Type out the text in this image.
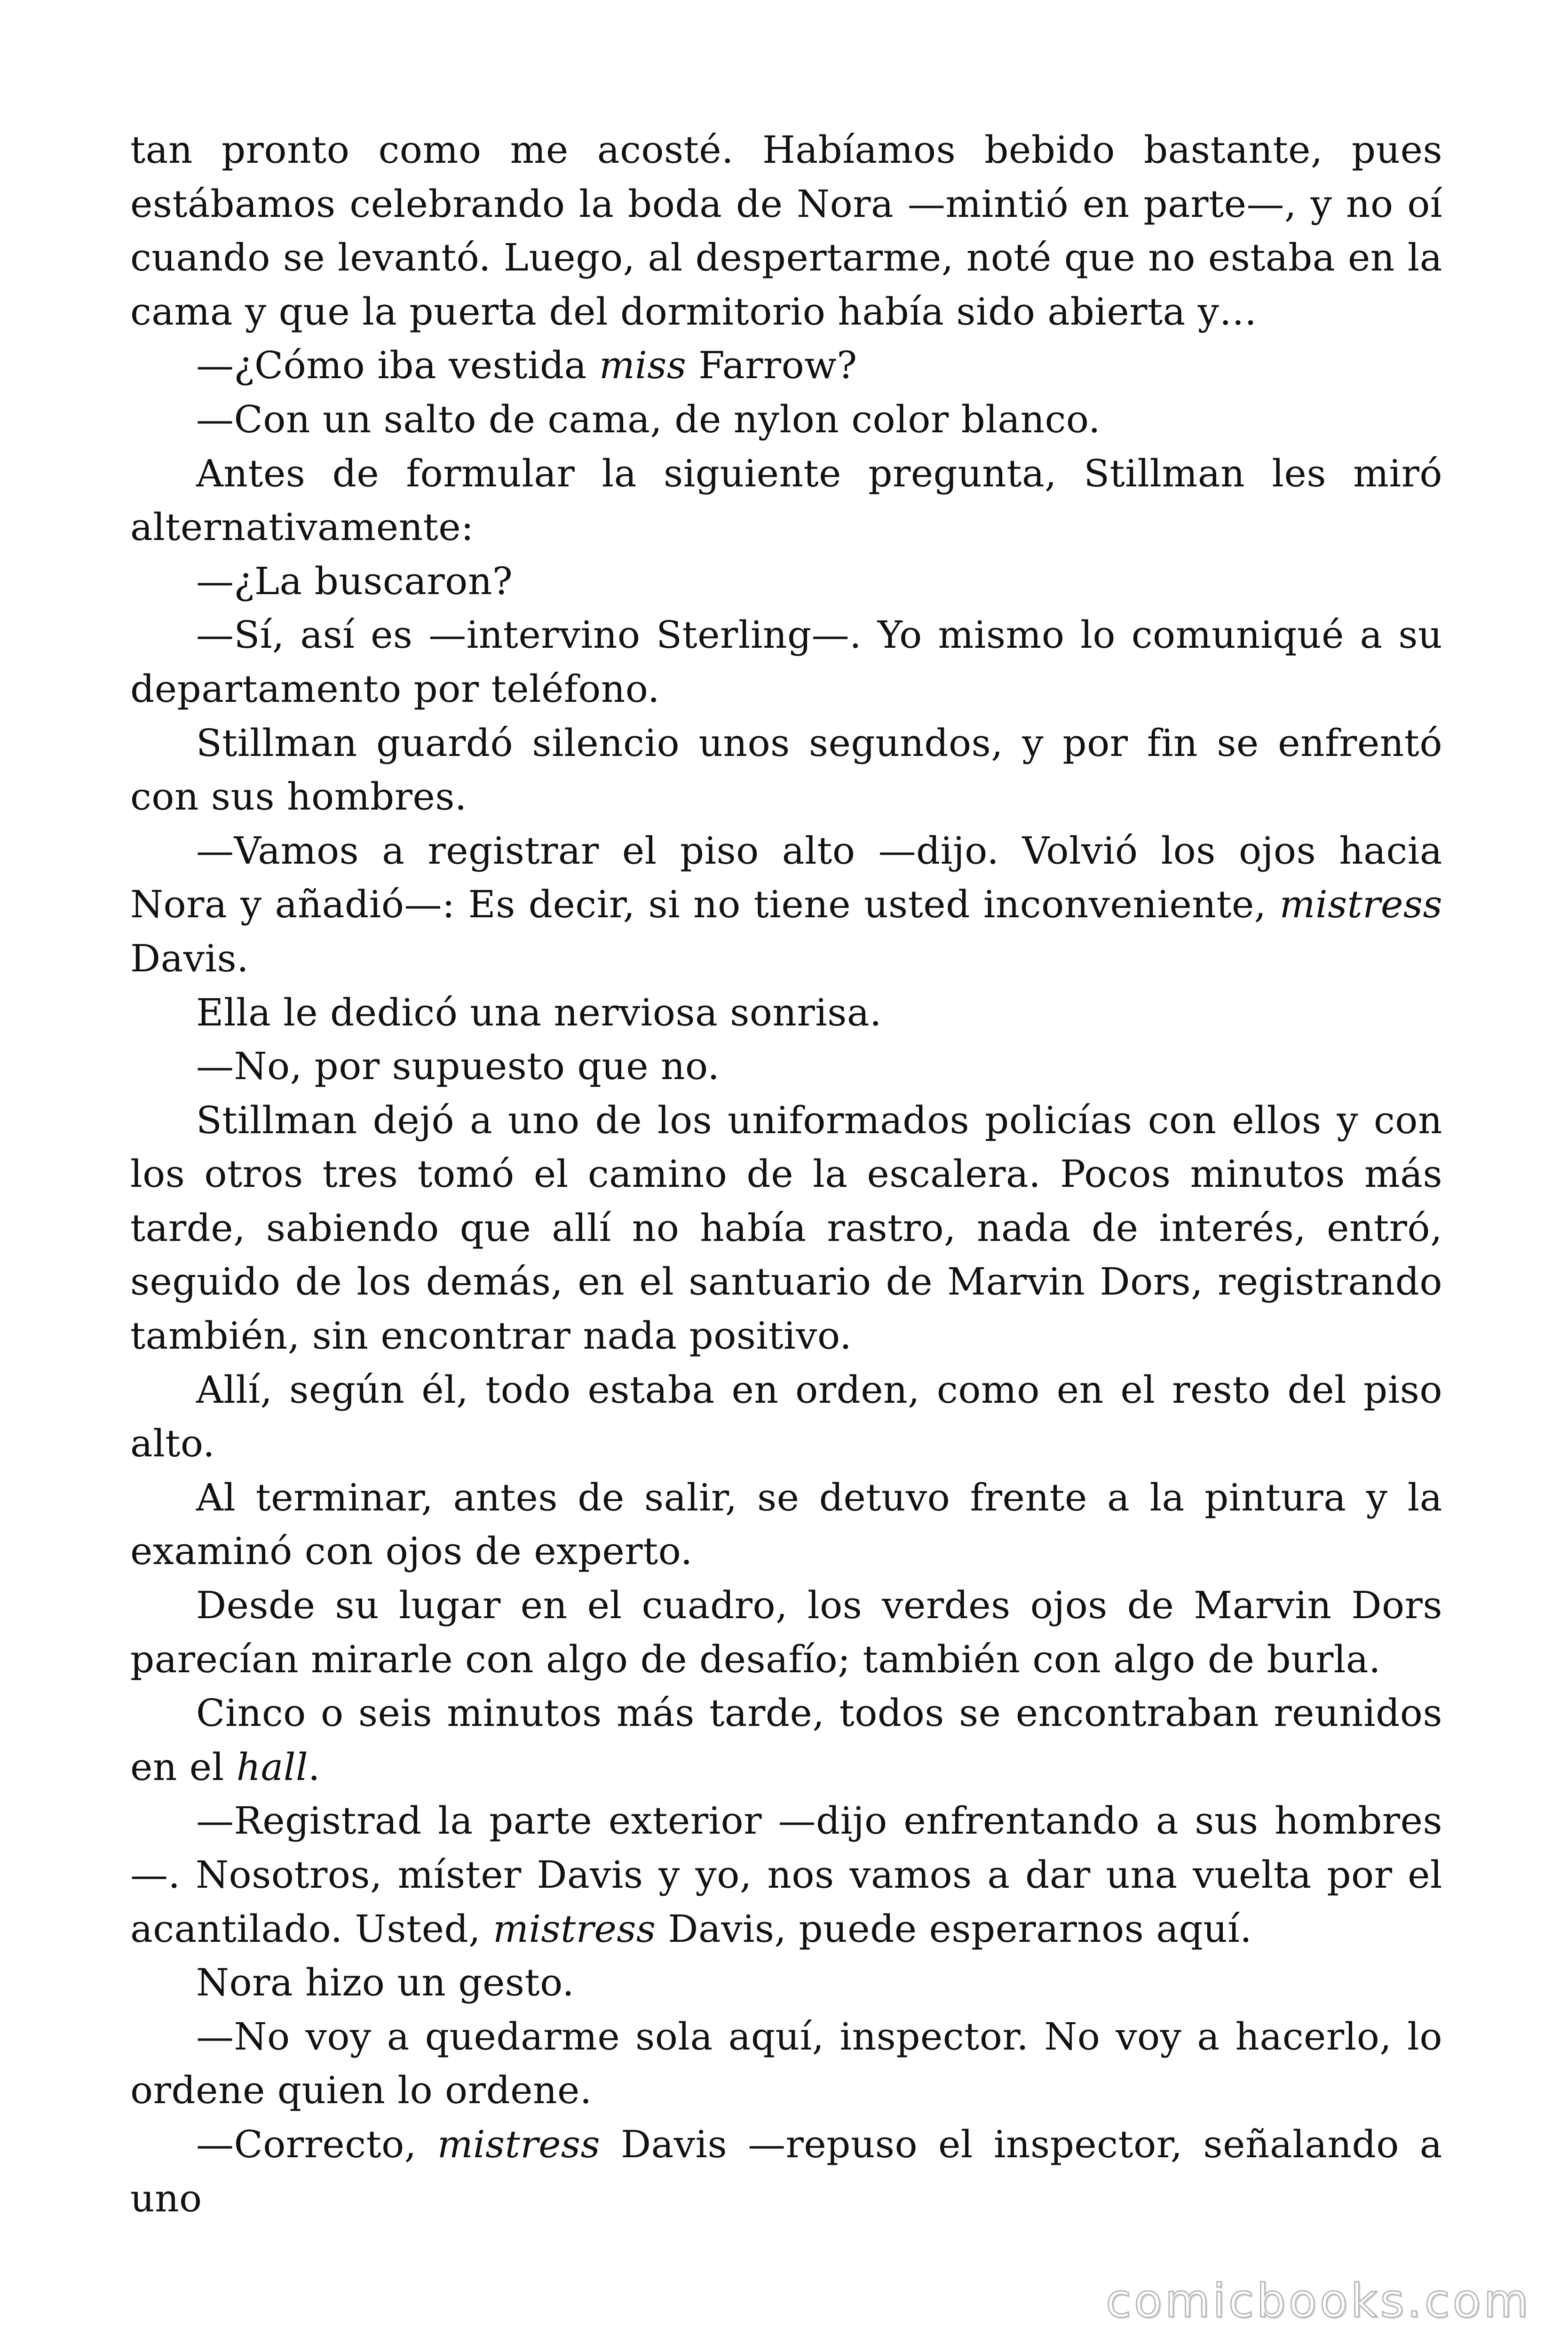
tan pronto como me acosté. Habíamos bebido bastante, pues estábamos celebrando la boda de Nora —mintió en parte—, y no oí cuando se levantó. Luego, al despertarme, noté que no estaba en la cama y que la puerta del dormitorio había sido abierta y…

—¿Cómo iba vestida miss Farrow?

—Con un salto de cama, de nylon color blanco.

Antes de formular la siguiente pregunta, Stillman les miró alternativamente:

—¿La buscaron?

—Sí, así es —intervino Sterling—. Yo mismo lo comuniqué a su departamento por teléfono.

Stillman guardó silencio unos segundos, y por fin se enfrentó con sus hombres.

—Vamos a registrar el piso alto —dijo. Volvió los ojos hacia Nora y añadió—: Es decir, si no tiene usted inconveniente, mistress Davis.

Ella le dedicó una nerviosa sonrisa.

—No, por supuesto que no.

Stillman dejó a uno de los uniformados policías con ellos y con los otros tres tomó el camino de la escalera. Pocos minutos más tarde, sabiendo que allí no había rastro, nada de interés, entró, seguido de los demás, en el santuario de Marvin Dors, registrando también, sin encontrar nada positivo.

Allí, según él, todo estaba en orden, como en el resto del piso alto.

Al terminar, antes de salir, se detuvo frente a la pintura y la examinó con ojos de experto.

Desde su lugar en el cuadro, los verdes ojos de Marvin Dors parecían mirarle con algo de desafío; también con algo de burla.

Cinco o seis minutos más tarde, todos se encontraban reunidos en el hall.

—Registrad la parte exterior —dijo enfrentando a sus hombres —. Nosotros, míster Davis y yo, nos vamos a dar una vuelta por el acantilado. Usted, mistress Davis, puede esperarnos aquí.

Nora hizo un gesto.

—No voy a quedarme sola aquí, inspector. No voy a hacerlo, lo ordene quien lo ordene.

—Correcto, mistress Davis —repuso el inspector, señalando a uno

comicbooks.com
